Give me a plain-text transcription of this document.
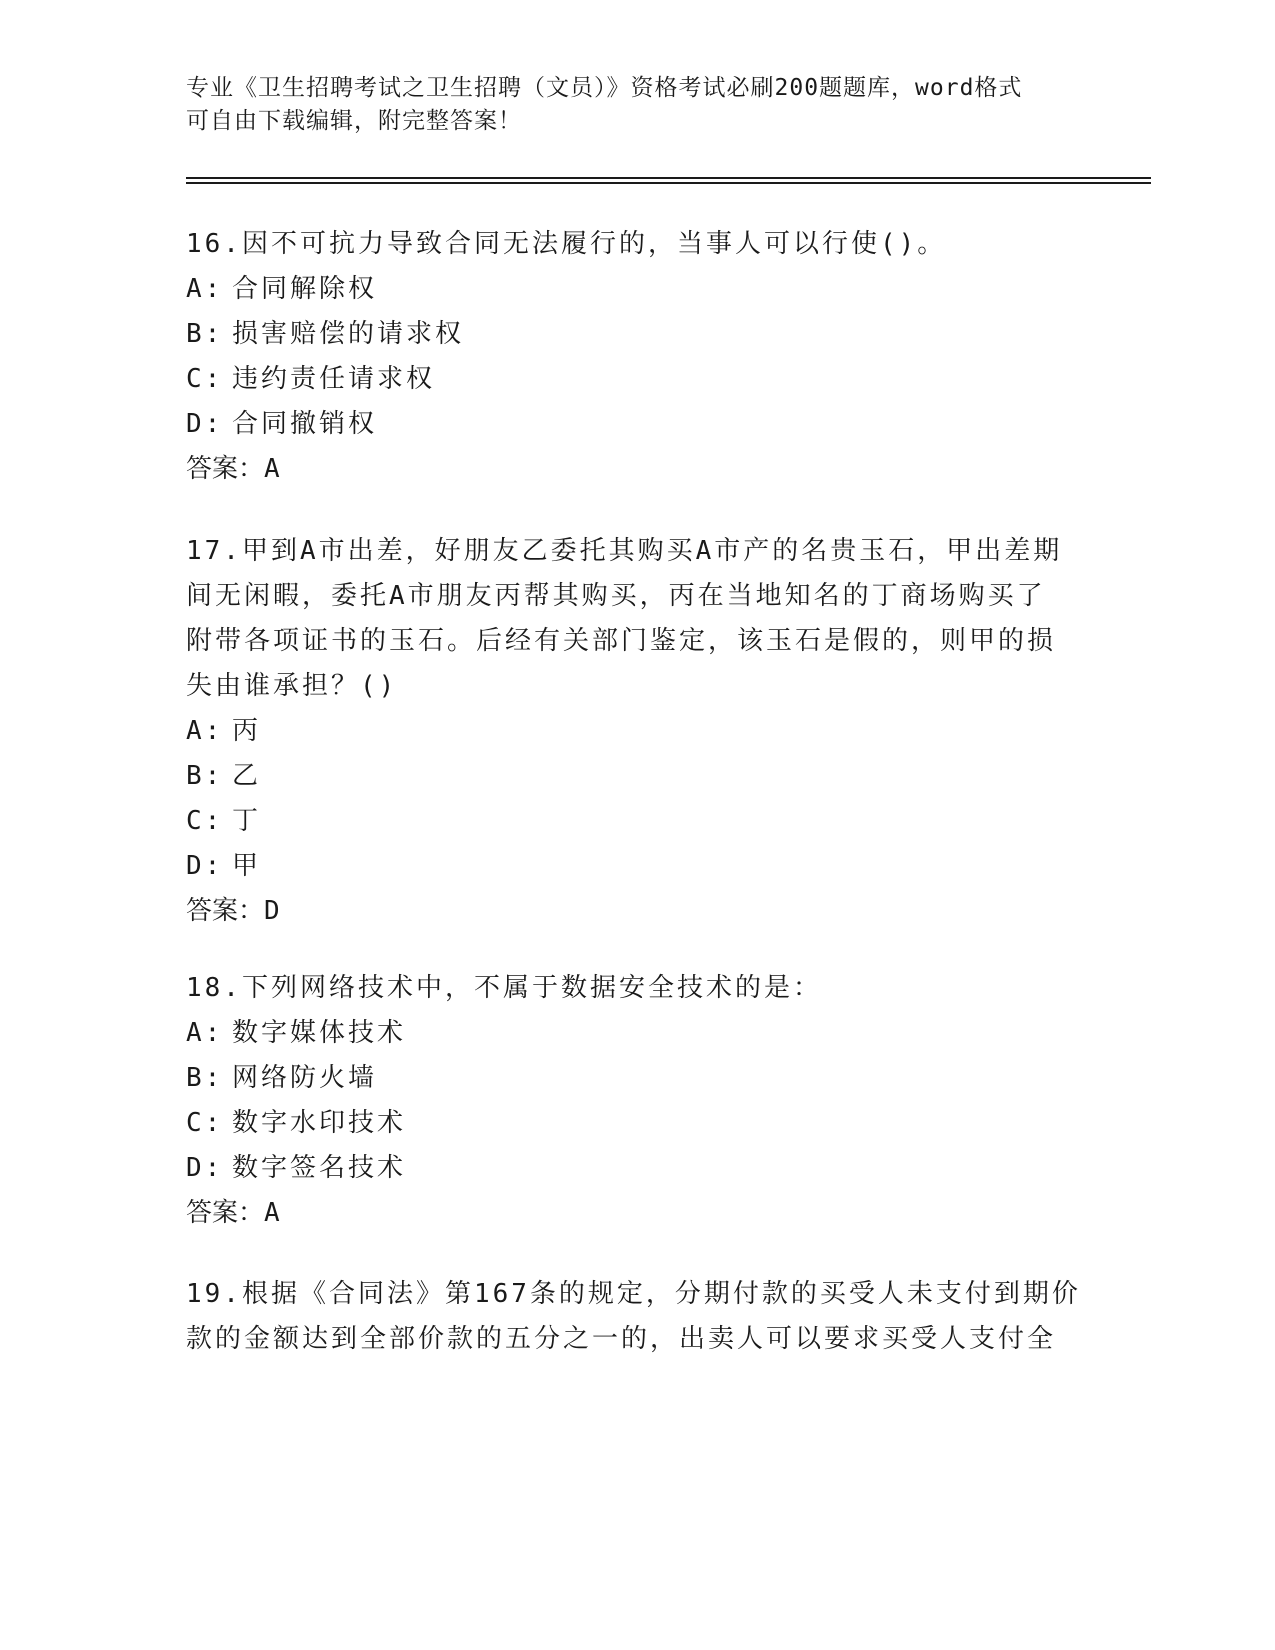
专业《卫生招聘考试之卫生招聘（文员）》资格考试必刷200题题库，word格式
可自由下载编辑，附完整答案！
16.因不可抗力导致合同无法履行的，当事人可以行使()。
A: 合同解除权
B: 损害赔偿的请求权
C: 违约责任请求权
D: 合同撤销权
答案：A
17.甲到A市出差，好朋友乙委托其购买A市产的名贵玉石，甲出差期
间无闲暇，委托A市朋友丙帮其购买，丙在当地知名的丁商场购买了
附带各项证书的玉石。后经有关部门鉴定，该玉石是假的，则甲的损
失由谁承担？()
A: 丙
B: 乙
C: 丁
D: 甲
答案：D
18.下列网络技术中，不属于数据安全技术的是：
A: 数字媒体技术
B: 网络防火墙
C: 数字水印技术
D: 数字签名技术
答案：A
19.根据《合同法》第167条的规定，分期付款的买受人未支付到期价
款的金额达到全部价款的五分之一的，出卖人可以要求买受人支付全
